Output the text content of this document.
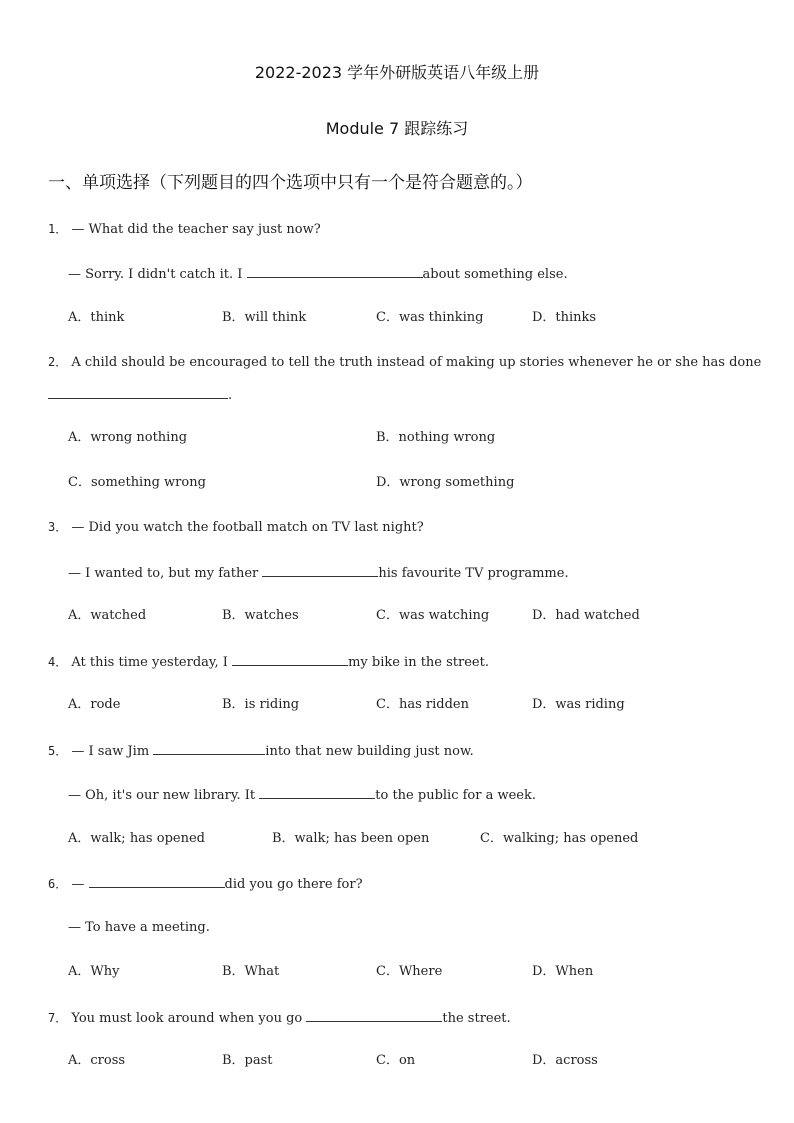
2022-2023 学年外研版英语八年级上册
Module 7 跟踪练习
一、单项选择（下列题目的四个选项中只有一个是符合题意的。）
1． — What did the teacher say just now?
— Sorry. I didn't catch it. I	about something else.
A．think	B．will think	C．was thinking	D．thinks
2． A child should be encouraged to tell the truth instead of making up stories whenever he or she has done
.
A．wrong nothing	B．nothing wrong
C．something wrong	D．wrong something
3． — Did you watch the football match on TV last night?
— I wanted to, but my father	his favourite TV programme.
A．watched	B．watches	C．was watching	D．had watched
4． At this time yesterday, I	my bike in the street.
A．rode	B．is riding	C．has ridden	D．was riding
5． — I saw Jim	into that new building just now.
— Oh, it's our new library. It	to the public for a week.
A．walk; has opened	B．walk; has been open	C．walking; has opened
6． —	did you go there for?
— To have a meeting.
A．Why	B．What	C．Where	D．When
7． You must look around when you go	the street.
A．cross	B．past	C．on	D．across
